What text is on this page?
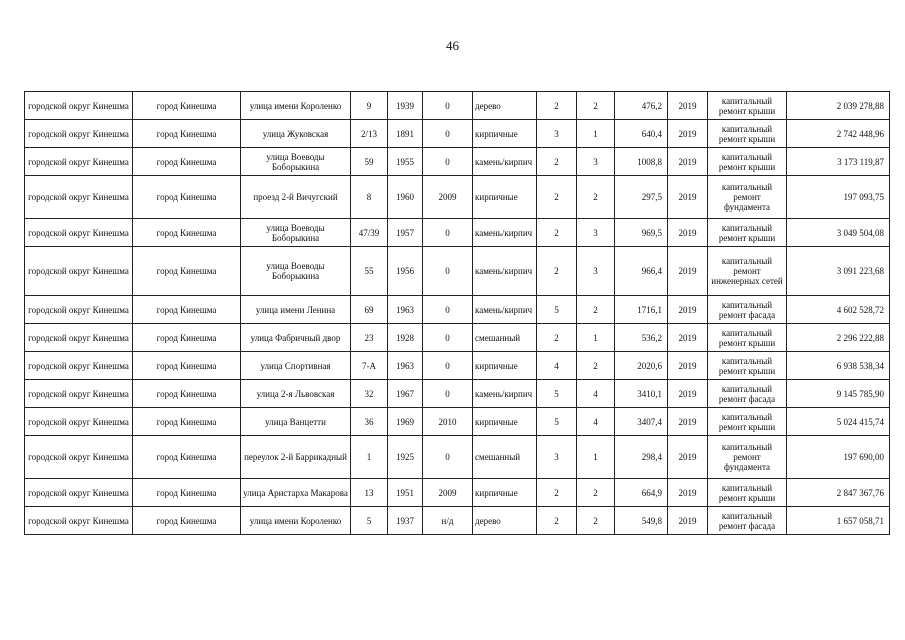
46
городской округ Кинешма	город Кинешма	улица имени Короленко	9	1939	0	дерево	2	2	476,2	2019	капитальный ремонт крыши	2 039 278,88
городской округ Кинешма	город Кинешма	улица Жуковская	2/13	1891	0	кирпичные	3	1	640,4	2019	капитальный ремонт крыши	2 742 448,96
городской округ Кинешма	город Кинешма	улица Воеводы Боборыкина	59	1955	0	камень/кирпич	2	3	1008,8	2019	капитальный ремонт крыши	3 173 119,87
городской округ Кинешма	город Кинешма	проезд 2-й Вичугский	8	1960	2009	кирпичные	2	2	297,5	2019	капитальный ремонт фундамента	197 093,75
городской округ Кинешма	город Кинешма	улица Воеводы Боборыкина	47/39	1957	0	камень/кирпич	2	3	969,5	2019	капитальный ремонт крыши	3 049 504,08
городской округ Кинешма	город Кинешма	улица Воеводы Боборыкина	55	1956	0	камень/кирпич	2	3	966,4	2019	капитальный ремонт инженерных сетей	3 091 223,68
городской округ Кинешма	город Кинешма	улица имени Ленина	69	1963	0	камень/кирпич	5	2	1716,1	2019	капитальный ремонт фасада	4 602 528,72
городской округ Кинешма	город Кинешма	улица Фабричный двор	23	1928	0	смешанный	2	1	536,2	2019	капитальный ремонт крыши	2 296 222,88
городской округ Кинешма	город Кинешма	улица Спортивная	7-А	1963	0	кирпичные	4	2	2020,6	2019	капитальный ремонт крыши	6 938 538,34
городской округ Кинешма	город Кинешма	улица 2-я Львовская	32	1967	0	камень/кирпич	5	4	3410,1	2019	капитальный ремонт фасада	9 145 785,90
городской округ Кинешма	город Кинешма	улица Ванцетти	36	1969	2010	кирпичные	5	4	3407,4	2019	капитальный ремонт крыши	5 024 415,74
городской округ Кинешма	город Кинешма	переулок 2-й Баррикадный	1	1925	0	смешанный	3	1	298,4	2019	капитальный ремонт фундамента	197 690,00
городской округ Кинешма	город Кинешма	улица Аристарха Макарова	13	1951	2009	кирпичные	2	2	664,9	2019	капитальный ремонт крыши	2 847 367,76
городской округ Кинешма	город Кинешма	улица имени Короленко	5	1937	н/д	дерево	2	2	549,8	2019	капитальный ремонт фасада	1 657 058,71
